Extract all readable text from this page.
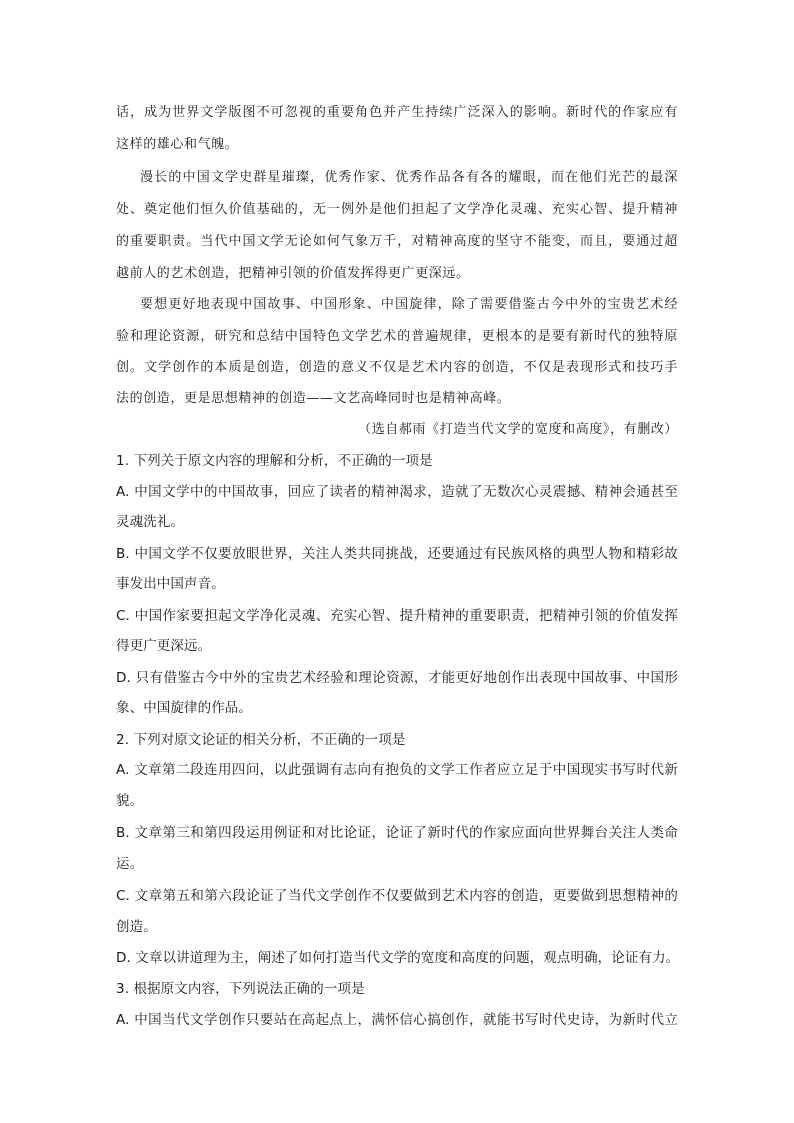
话，成为世界文学版图不可忽视的重要角色并产生持续广泛深入的影响。新时代的作家应有
这样的雄心和气魄。
漫长的中国文学史群星璀璨，优秀作家、优秀作品各有各的耀眼，而在他们光芒的最深
处、奠定他们恒久价值基础的，无一例外是他们担起了文学净化灵魂、充实心智、提升精神
的重要职责。当代中国文学无论如何气象万千，对精神高度的坚守不能变，而且，要通过超
越前人的艺术创造，把精神引领的价值发挥得更广更深远。
要想更好地表现中国故事、中国形象、中国旋律，除了需要借鉴古今中外的宝贵艺术经
验和理论资源，研究和总结中国特色文学艺术的普遍规律，更根本的是要有新时代的独特原
创。文学创作的本质是创造，创造的意义不仅是艺术内容的创造，不仅是表现形式和技巧手
法的创造，更是思想精神的创造——文艺高峰同时也是精神高峰。
（选自郝雨《打造当代文学的宽度和高度》，有删改）
1. 下列关于原文内容的理解和分析，不正确的一项是
A. 中国文学中的中国故事，回应了读者的精神渴求，造就了无数次心灵震撼、精神会通甚至
灵魂洗礼。
B. 中国文学不仅要放眼世界，关注人类共同挑战，还要通过有民族风格的典型人物和精彩故
事发出中国声音。
C. 中国作家要担起文学净化灵魂、充实心智、提升精神的重要职责，把精神引领的价值发挥
得更广更深远。
D. 只有借鉴古今中外的宝贵艺术经验和理论资源，才能更好地创作出表现中国故事、中国形
象、中国旋律的作品。
2. 下列对原文论证的相关分析，不正确的一项是
A. 文章第二段连用四问，以此强调有志向有抱负的文学工作者应立足于中国现实书写时代新
貌。
B. 文章第三和第四段运用例证和对比论证，论证了新时代的作家应面向世界舞台关注人类命
运。
C. 文章第五和第六段论证了当代文学创作不仅要做到艺术内容的创造，更要做到思想精神的
创造。
D. 文章以讲道理为主，阐述了如何打造当代文学的宽度和高度的问题，观点明确，论证有力。
3. 根据原文内容，下列说法正确的一项是
A. 中国当代文学创作只要站在高起点上，满怀信心搞创作，就能书写时代史诗，为新时代立
